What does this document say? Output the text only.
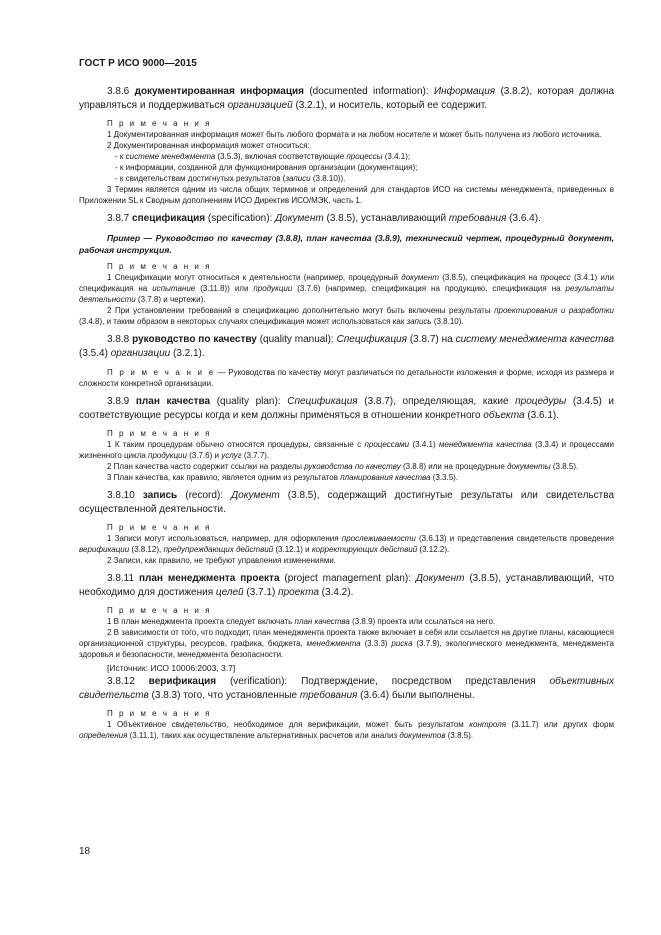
ГОСТ Р ИСО 9000—2015

3.8.6 документированная информация (documented information): Информация (3.8.2), которая должна управляться и поддерживаться организацией (3.2.1), и носитель, который ее содержит.

П р и м е ч а н и я

1 Документированная информация может быть любого формата и на любом носителе и может быть получена из любого источника.

2 Документированная информация может относиться:

- к системе менеджмента (3.5.3), включая соответствующие процессы (3.4.1);

- к информации, созданной для функционирования организации (документация);

- к свидетельствам достигнутых результатов (записи (3.8.10)).

3 Термин является одним из числа общих терминов и определений для стандартов ИСО на системы менеджмента, приведенных в Приложении SL к Сводным дополнениям ИСО Директив ИСО/МЭК, часть 1.

3.8.7 спецификация (specification): Документ (3.8.5), устанавливающий требования (3.6.4).

Пример — Руководство по качеству (3.8.8), план качества (3.8.9), технический чертеж, процедурный документ, рабочая инструкция.

П р и м е ч а н и я

1 Спецификации могут относиться к деятельности (например, процедурный документ (3.8.5), спецификация на процесс (3.4.1) или спецификация на испытание (3.11.8)) или продукции (3.7.6) (например, спецификация на продукцию, спецификация на результаты деятельности (3.7.8) и чертежи).

2 При установлении требований в спецификацию дополнительно могут быть включены результаты проектирования и разработки (3.4.8), и таким образом в некоторых случаях спецификация может использоваться как запись (3.8.10).

3.8.8 руководство по качеству (quality manual): Спецификация (3.8.7) на систему менеджмента качества (3.5.4) организации (3.2.1).

П р и м е ч а н и е — Руководства по качеству могут различаться по детальности изложения и форме, исходя из размера и сложности конкретной организации.

3.8.9 план качества (quality plan): Спецификация (3.8.7), определяющая, какие процедуры (3.4.5) и соответствующие ресурсы когда и кем должны применяться в отношении конкретного объекта (3.6.1).

П р и м е ч а н и я

1 К таким процедурам обычно относятся процедуры, связанные с процессами (3.4.1) менеджмента качества (3.3.4) и процессами жизненного цикла продукции (3.7.6) и услуг (3.7.7).

2 План качества часто содержит ссылки на разделы руководства по качеству (3.8.8) или на процедурные документы (3.8.5).

3 План качества, как правило, является одним из результатов планирования качества (3.3.5).

3.8.10 запись (record): Документ (3.8.5), содержащий достигнутые результаты или свидетельства осуществленной деятельности.

П р и м е ч а н и я

1 Записи могут использоваться, например, для оформления прослеживаемости (3.6.13) и представления свидетельств проведения верификации (3.8.12), предупреждающих действий (3.12.1) и корректирующих действий (3.12.2).

2 Записи, как правило, не требуют управления изменениями.

3.8.11 план менеджмента проекта (project management plan): Документ (3.8.5), устанавливающий, что необходимо для достижения целей (3.7.1) проекта (3.4.2).

П р и м е ч а н и я

1 В план менеджмента проекта следует включать план качества (3.8.9) проекта или ссылаться на него.

2 В зависимости от того, что подходит, план менеджмента проекта также включает в себя или ссылается на другие планы, касающиеся организационной структуры, ресурсов, графика, бюджета, менеджмента (3.3.3) риска (3.7.9), экологического менеджмента, менеджмента здоровья и безопасности, менеджмента безопасности.

[Источник: ИСО 10006:2003, 3.7]

3.8.12 верификация (verification): Подтверждение, посредством представления объективных свидетельств (3.8.3) того, что установленные требования (3.6.4) были выполнены.

П р и м е ч а н и я

1 Объективное свидетельство, необходимое для верификации, может быть результатом контроля (3.11.7) или других форм определения (3.11.1), таких как осуществление альтернативных расчетов или анализ документов (3.8.5).

18
